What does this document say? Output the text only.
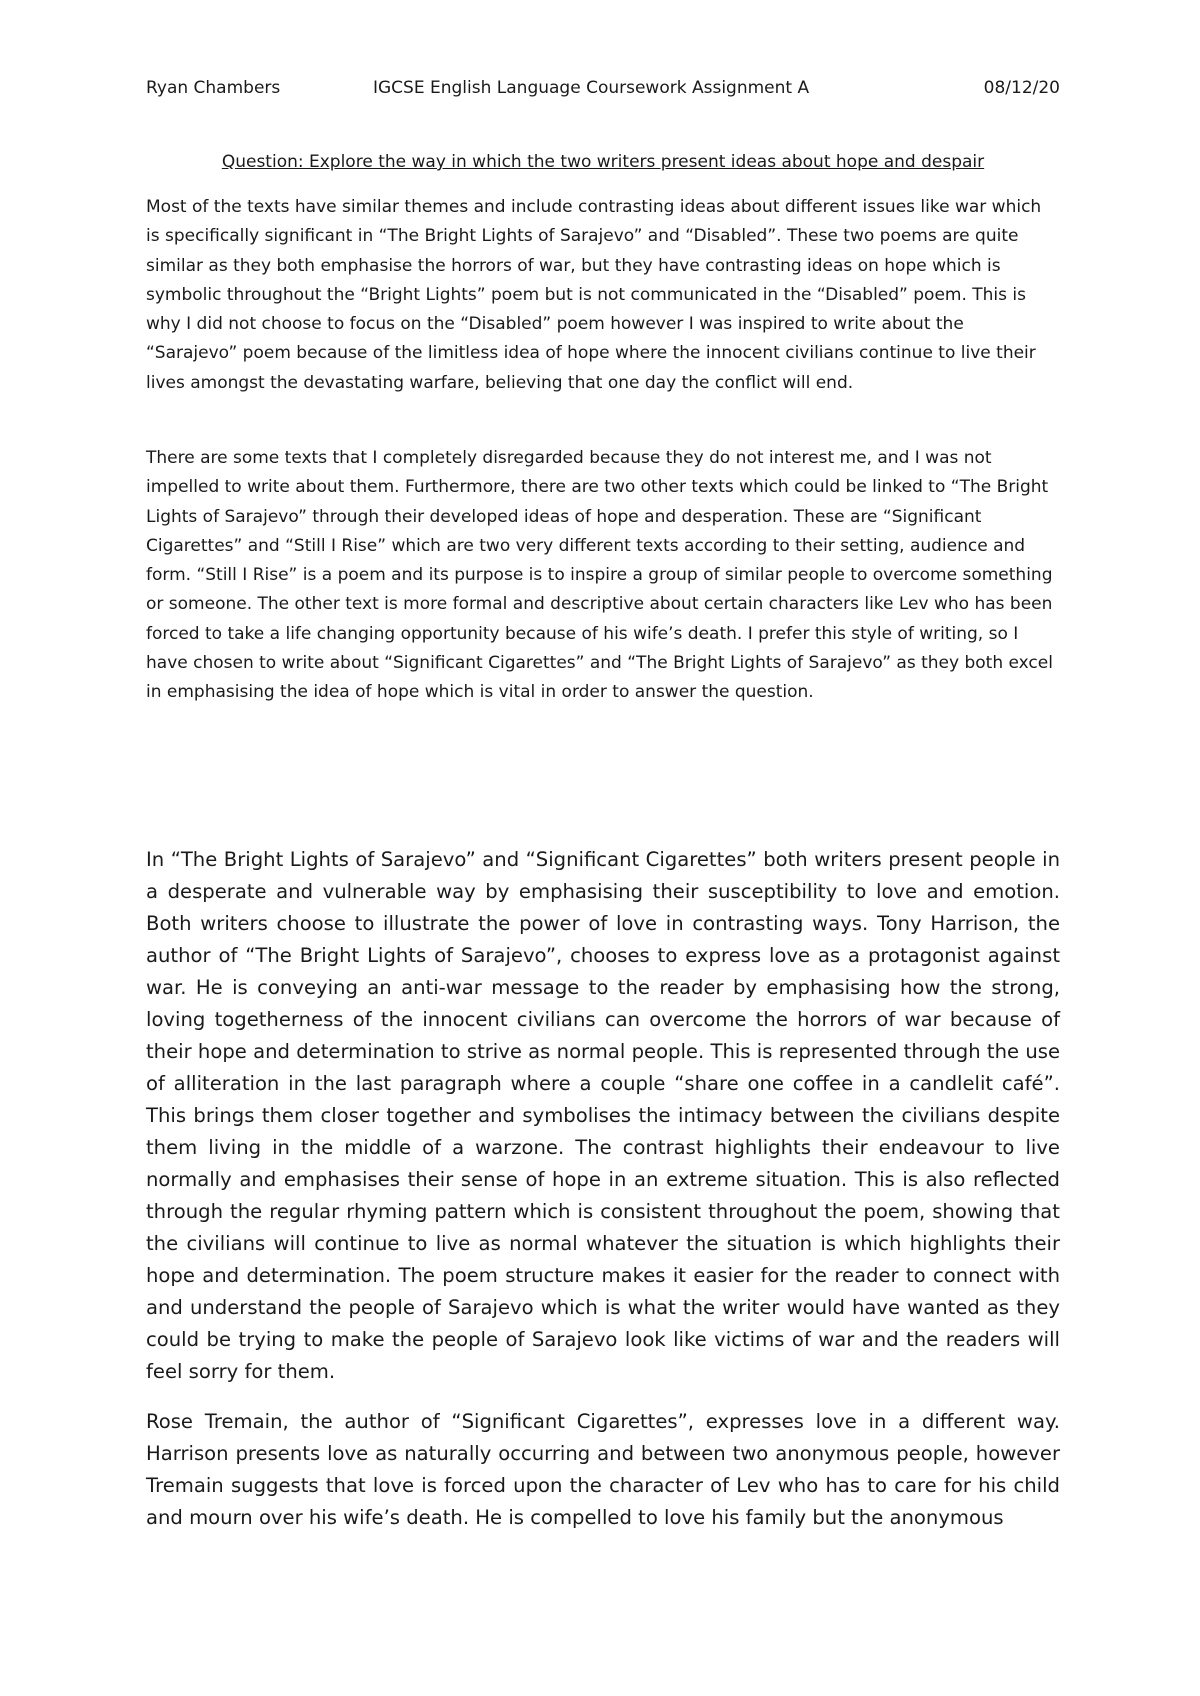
Ryan Chambers	IGCSE English Language Coursework Assignment A	08/12/20
Question: Explore the way in which the two writers present ideas about hope and despair

Most of the texts have similar themes and include contrasting ideas about different issues like war which is specifically significant in “The Bright Lights of Sarajevo” and “Disabled”. These two poems are quite similar as they both emphasise the horrors of war, but they have contrasting ideas on hope which is symbolic throughout the “Bright Lights” poem but is not communicated in the “Disabled” poem. This is why I did not choose to focus on the “Disabled” poem however I was inspired to write about the “Sarajevo” poem because of the limitless idea of hope where the innocent civilians continue to live their lives amongst the devastating warfare, believing that one day the conflict will end.

There are some texts that I completely disregarded because they do not interest me, and I was not impelled to write about them. Furthermore, there are two other texts which could be linked to “The Bright Lights of Sarajevo” through their developed ideas of hope and desperation. These are “Significant Cigarettes” and “Still I Rise” which are two very different texts according to their setting, audience and form. “Still I Rise” is a poem and its purpose is to inspire a group of similar people to overcome something or someone. The other text is more formal and descriptive about certain characters like Lev who has been forced to take a life changing opportunity because of his wife’s death. I prefer this style of writing, so I have chosen to write about “Significant Cigarettes” and “The Bright Lights of Sarajevo” as they both excel in emphasising the idea of hope which is vital in order to answer the question.

In “The Bright Lights of Sarajevo” and “Significant Cigarettes” both writers present people in a desperate and vulnerable way by emphasising their susceptibility to love and emotion. Both writers choose to illustrate the power of love in contrasting ways. Tony Harrison, the author of “The Bright Lights of Sarajevo”, chooses to express love as a protagonist against war. He is conveying an anti-war message to the reader by emphasising how the strong, loving togetherness of the innocent civilians can overcome the horrors of war because of their hope and determination to strive as normal people. This is represented through the use of alliteration in the last paragraph where a couple “share one coffee in a candlelit café”. This brings them closer together and symbolises the intimacy between the civilians despite them living in the middle of a warzone. The contrast highlights their endeavour to live normally and emphasises their sense of hope in an extreme situation. This is also reflected through the regular rhyming pattern which is consistent throughout the poem, showing that the civilians will continue to live as normal whatever the situation is which highlights their hope and determination. The poem structure makes it easier for the reader to connect with and understand the people of Sarajevo which is what the writer would have wanted as they could be trying to make the people of Sarajevo look like victims of war and the readers will feel sorry for them.

Rose Tremain, the author of “Significant Cigarettes”, expresses love in a different way. Harrison presents love as naturally occurring and between two anonymous people, however Tremain suggests that love is forced upon the character of Lev who has to care for his child and mourn over his wife’s death. He is compelled to love his family but the anonymous
